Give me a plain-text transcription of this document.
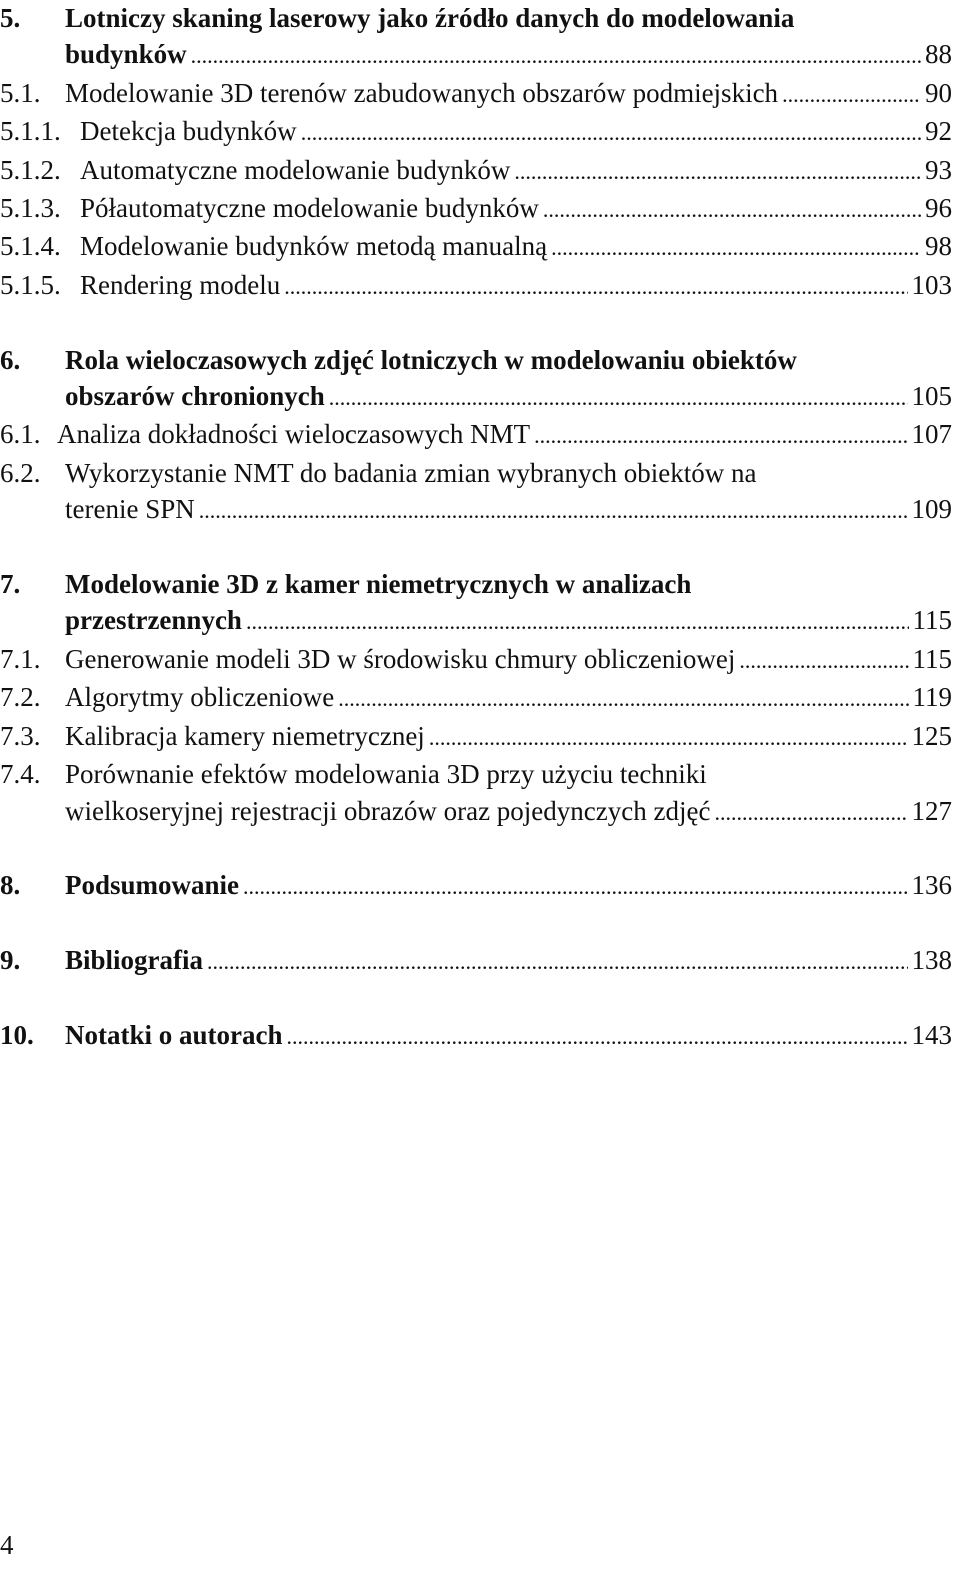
5.	Lotniczy skaning laserowy jako źródło danych do modelowania
budynków .....	88
5.1. Modelowanie 3D terenów zabudowanych obszarów podmiejskich .....	90
5.1.1. Detekcja budynków .....	92
5.1.2. Automatyczne modelowanie budynków .....	93
5.1.3. Półautomatyczne modelowanie budynków .....	96
5.1.4. Modelowanie budynków metodą manualną .....	98
5.1.5. Rendering modelu .....	103
6.	Rola wieloczasowych zdjęć lotniczych w modelowaniu obiektów
obszarów chronionych .....	105
6.1. Analiza dokładności wieloczasowych NMT .....	107
6.2. Wykorzystanie NMT do badania zmian wybranych obiektów na
terenie SPN .....	109
7.	Modelowanie 3D z kamer niemetrycznych w analizach
przestrzennych .....	115
7.1. Generowanie modeli 3D w środowisku chmury obliczeniowej .....	115
7.2. Algorytmy obliczeniowe .....	119
7.3. Kalibracja kamery niemetrycznej .....	125
7.4. Porównanie efektów modelowania 3D przy użyciu techniki
wielkoseryjnej rejestracji obrazów oraz pojedynczych zdjęć .....	127
8.	Podsumowanie .....	136
9.	Bibliografia .....	138
10.	Notatki o autorach .....	143
4
